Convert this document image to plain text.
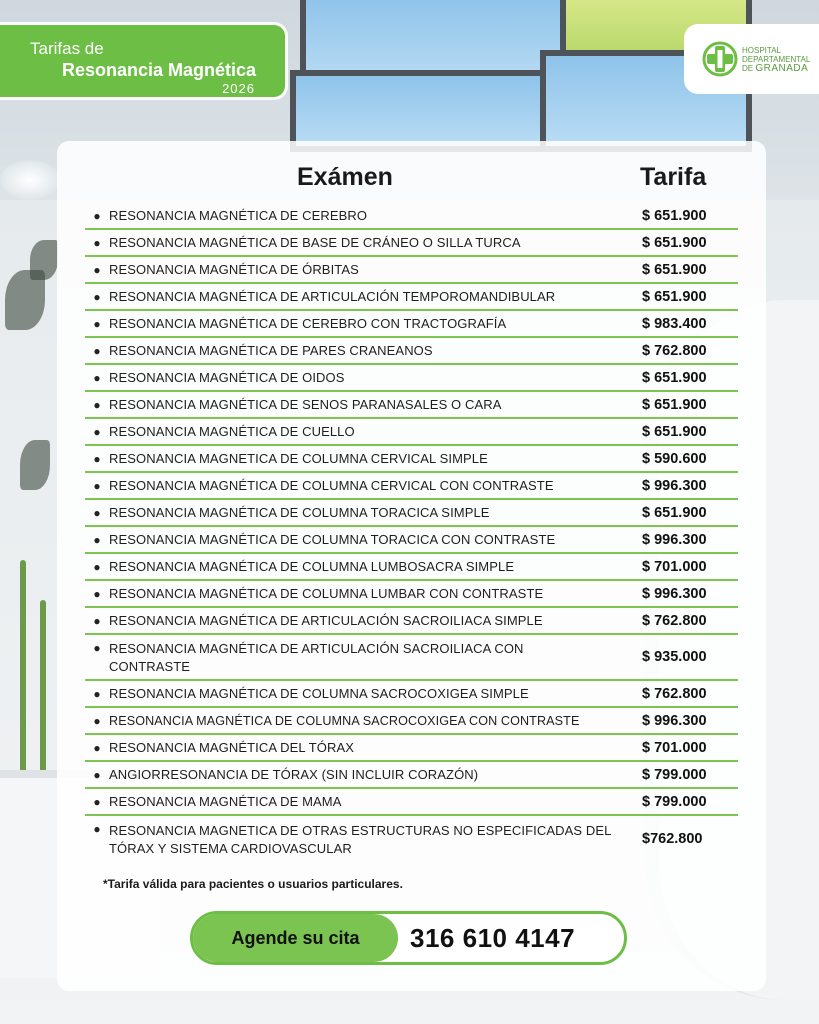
Tarifas de
Resonancia Magnética
2026
HOSPITAL
DEPARTAMENTAL
DE GRANADA
Exámen	Tarifa
● RESONANCIA MAGNÉTICA DE CEREBRO	$ 651.900
● RESONANCIA MAGNÉTICA DE BASE DE CRÁNEO O SILLA TURCA	$ 651.900
● RESONANCIA MAGNÉTICA DE ÓRBITAS	$ 651.900
● RESONANCIA MAGNÉTICA DE ARTICULACIÓN TEMPOROMANDIBULAR	$ 651.900
● RESONANCIA MAGNÉTICA DE CEREBRO CON TRACTOGRAFÍA	$ 983.400
● RESONANCIA MAGNÉTICA DE PARES CRANEANOS	$ 762.800
● RESONANCIA MAGNÉTICA DE OIDOS	$ 651.900
● RESONANCIA MAGNÉTICA DE SENOS PARANASALES O CARA	$ 651.900
● RESONANCIA MAGNÉTICA DE CUELLO	$ 651.900
● RESONANCIA MAGNETICA DE COLUMNA CERVICAL SIMPLE	$ 590.600
● RESONANCIA MAGNÉTICA DE COLUMNA CERVICAL CON CONTRASTE	$ 996.300
● RESONANCIA MAGNÉTICA DE COLUMNA TORACICA SIMPLE	$ 651.900
● RESONANCIA MAGNÉTICA DE COLUMNA TORACICA CON CONTRASTE	$ 996.300
● RESONANCIA MAGNÉTICA DE COLUMNA LUMBOSACRA SIMPLE	$ 701.000
● RESONANCIA MAGNÉTICA DE COLUMNA LUMBAR CON CONTRASTE	$ 996.300
● RESONANCIA MAGNÉTICA DE ARTICULACIÓN SACROILIACA SIMPLE	$ 762.800
● RESONANCIA MAGNÉTICA DE ARTICULACIÓN SACROILIACA CON CONTRASTE
$ 935.000
● RESONANCIA MAGNÉTICA DE COLUMNA SACROCOXIGEA SIMPLE	$ 762.800
● RESONANCIA MAGNÉTICA DE COLUMNA SACROCOXIGEA CON CONTRASTE	$ 996.300
● RESONANCIA MAGNÉTICA DEL TÓRAX	$ 701.000
● ANGIORRESONANCIA DE TÓRAX (SIN INCLUIR CORAZÓN)	$ 799.000
● RESONANCIA MAGNÉTICA DE MAMA	$ 799.000
● RESONANCIA MAGNETICA DE OTRAS ESTRUCTURAS NO ESPECIFICADAS DEL TÓRAX Y SISTEMA CARDIOVASCULAR
$762.800
*Tarifa válida para pacientes o usuarios particulares.
Agende su cita	316 610 4147
